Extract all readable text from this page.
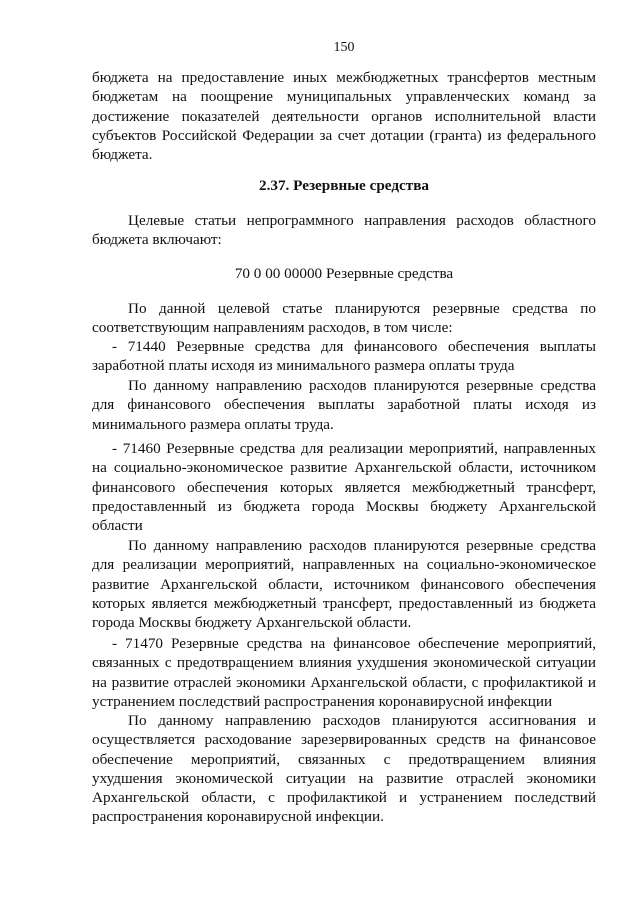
150

бюджета на предоставление иных межбюджетных трансфертов местным бюджетам на поощрение муниципальных управленческих команд за достижение показателей деятельности органов исполнительной власти субъектов Российской Федерации за счет дотации (гранта) из федерального бюджета.

2.37. Резервные средства

Целевые статьи непрограммного направления расходов областного бюджета включают:

70 0 00 00000 Резервные средства

По данной целевой статье планируются резервные средства по соответствующим направлениям расходов, в том числе:

- 71440 Резервные средства для финансового обеспечения выплаты заработной платы исходя из минимального размера оплаты труда

По данному направлению расходов планируются резервные средства для финансового обеспечения выплаты заработной платы исходя из минимального размера оплаты труда.

- 71460 Резервные средства для реализации мероприятий, направленных на социально-экономическое развитие Архангельской области, источником финансового обеспечения которых является межбюджетный трансферт, предоставленный из бюджета города Москвы бюджету Архангельской области

По данному направлению расходов планируются резервные средства для реализации мероприятий, направленных на социально-экономическое развитие Архангельской области, источником финансового обеспечения которых является межбюджетный трансферт, предоставленный из бюджета города Москвы бюджету Архангельской области.

- 71470 Резервные средства на финансовое обеспечение мероприятий, связанных с предотвращением влияния ухудшения экономической ситуации на развитие отраслей экономики Архангельской области, с профилактикой и устранением последствий распространения коронавирусной инфекции

По данному направлению расходов планируются ассигнования и осуществляется расходование зарезервированных средств на финансовое обеспечение мероприятий, связанных с предотвращением влияния ухудшения экономической ситуации на развитие отраслей экономики Архангельской области, с профилактикой и устранением последствий распространения коронавирусной инфекции.
